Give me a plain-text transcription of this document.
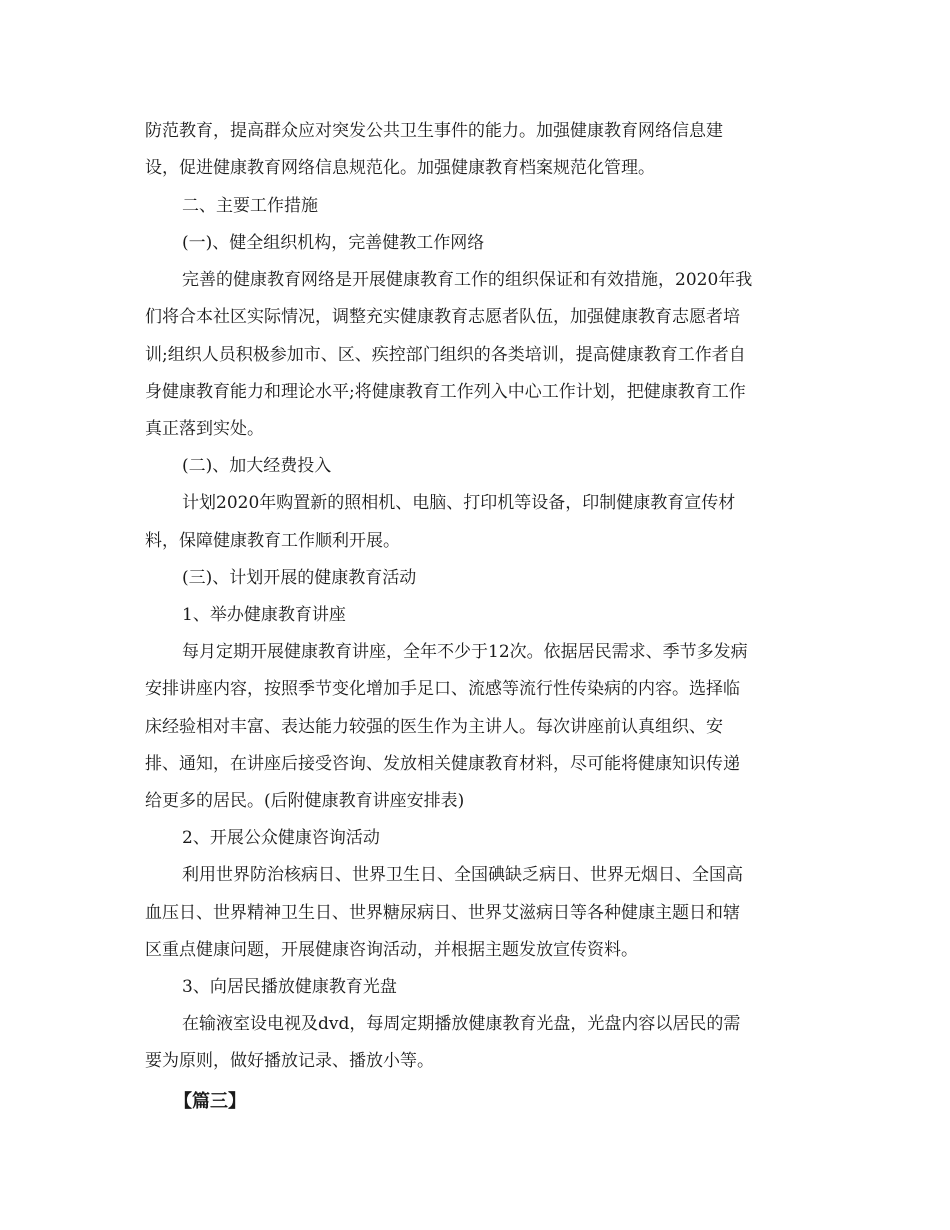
防范教育，提高群众应对突发公共卫生事件的能力。加强健康教育网络信息建
设，促进健康教育网络信息规范化。加强健康教育档案规范化管理。
二、主要工作措施
(一)、健全组织机构，完善健教工作网络
完善的健康教育网络是开展健康教育工作的组织保证和有效措施，2020年我
们将合本社区实际情况，调整充实健康教育志愿者队伍，加强健康教育志愿者培
训;组织人员积极参加市、区、疾控部门组织的各类培训，提高健康教育工作者自
身健康教育能力和理论水平;将健康教育工作列入中心工作计划，把健康教育工作
真正落到实处。
(二)、加大经费投入
计划2020年购置新的照相机、电脑、打印机等设备，印制健康教育宣传材
料，保障健康教育工作顺利开展。
(三)、计划开展的健康教育活动
1、举办健康教育讲座
每月定期开展健康教育讲座，全年不少于12次。依据居民需求、季节多发病
安排讲座内容，按照季节变化增加手足口、流感等流行性传染病的内容。选择临
床经验相对丰富、表达能力较强的医生作为主讲人。每次讲座前认真组织、安
排、通知，在讲座后接受咨询、发放相关健康教育材料，尽可能将健康知识传递
给更多的居民。(后附健康教育讲座安排表)
2、开展公众健康咨询活动
利用世界防治核病日、世界卫生日、全国碘缺乏病日、世界无烟日、全国高
血压日、世界精神卫生日、世界糖尿病日、世界艾滋病日等各种健康主题日和辖
区重点健康问题，开展健康咨询活动，并根据主题发放宣传资料。
3、向居民播放健康教育光盘
在输液室设电视及dvd，每周定期播放健康教育光盘，光盘内容以居民的需
要为原则，做好播放记录、播放小等。
【篇三】
